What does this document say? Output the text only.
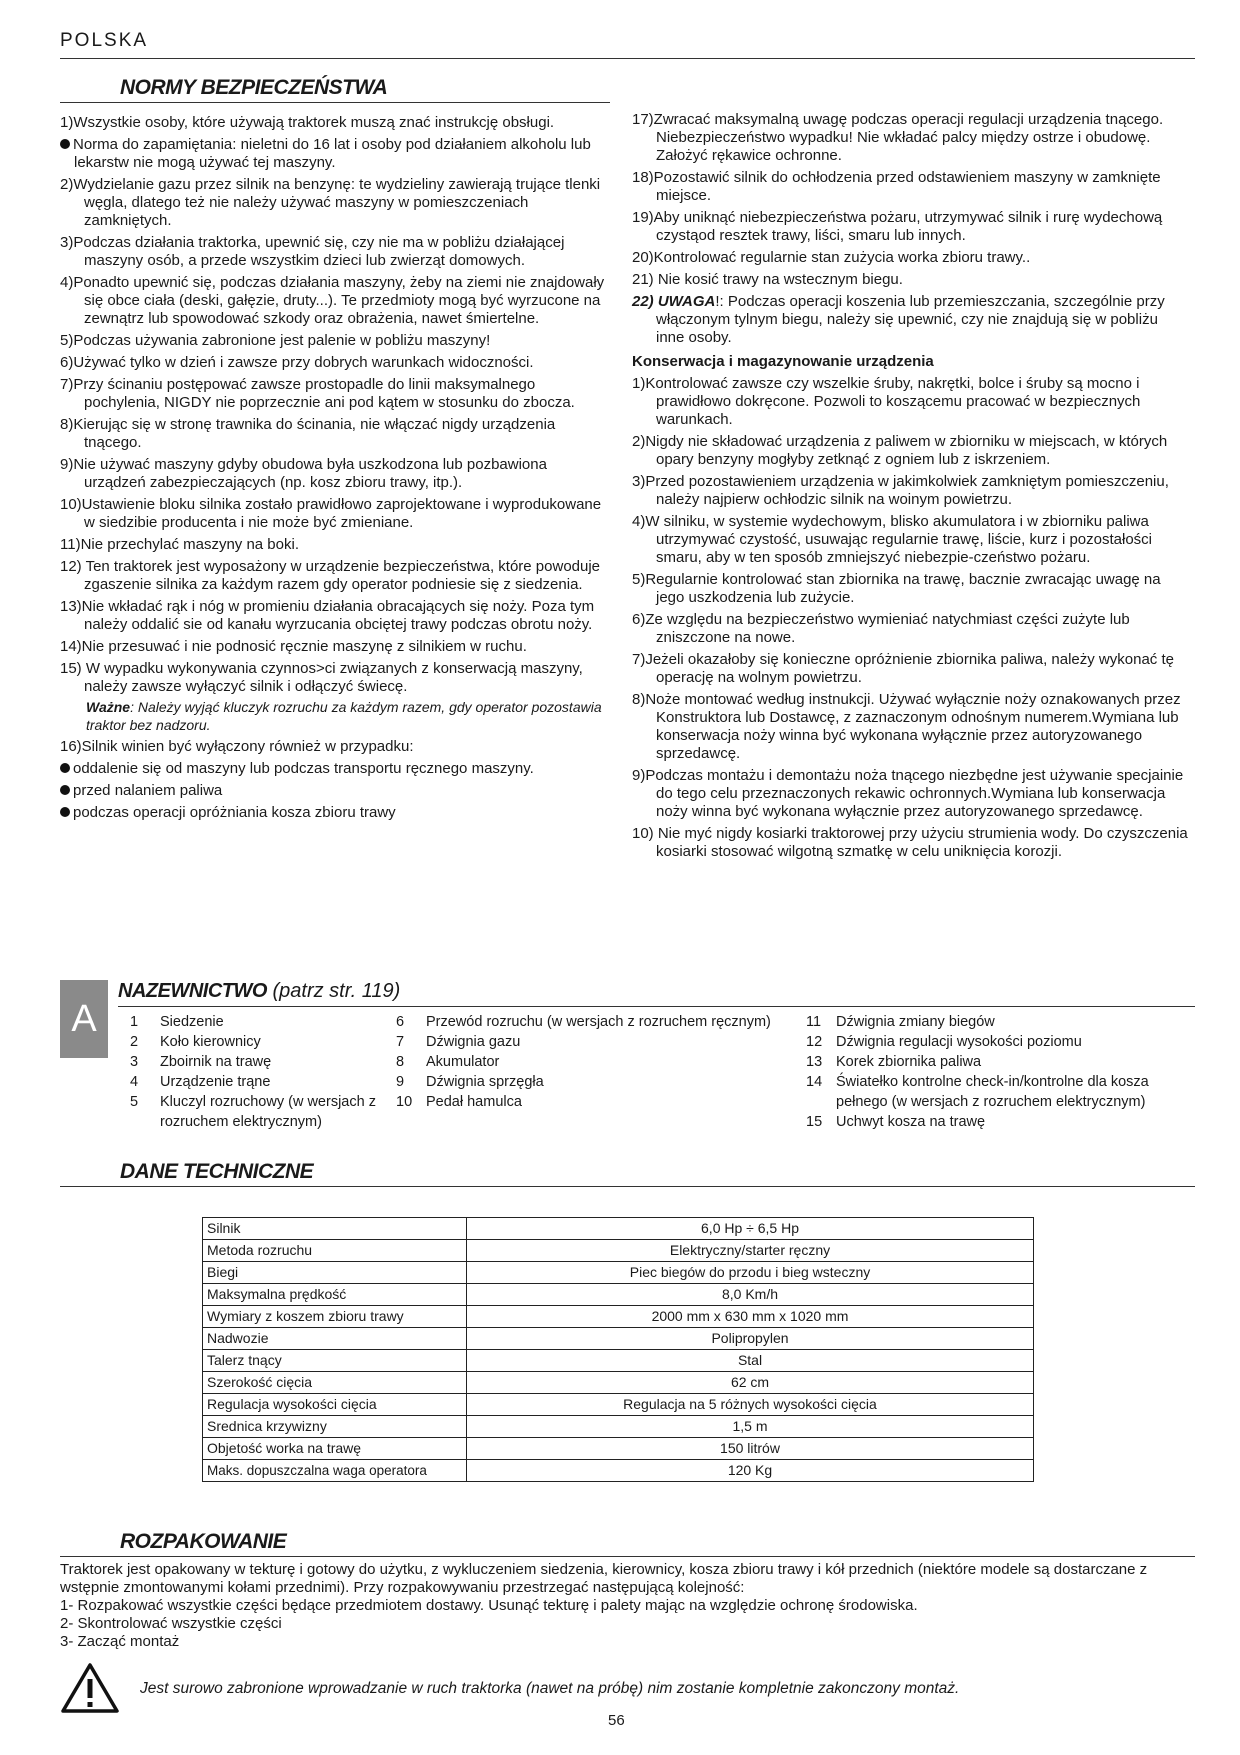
POLSKA
NORMY BEZPIECZEŃSTWA

1)Wszystkie osoby, które używają traktorek muszą znać instrukcję obsługi.

Norma do zapamiętania: nieletni do 16 lat i osoby pod działaniem alkoholu lub lekarstw nie mogą używać tej maszyny.

2)Wydzielanie gazu przez silnik na benzynę: te wydzieliny zawierają trujące tlenki węgla, dlatego też nie należy używać maszyny w pomieszczeniach zamkniętych.

3)Podczas działania traktorka, upewnić się, czy nie ma w pobliżu działającej maszyny osób, a przede wszystkim dzieci lub zwierząt domowych.

4)Ponadto upewnić się, podczas działania maszyny, żeby na ziemi nie znajdowały się obce ciała (deski, gałęzie, druty...). Te przedmioty mogą być wyrzucone na zewnątrz lub spowodować szkody oraz obrażenia, nawet śmiertelne.

5)Podczas używania zabronione jest palenie w pobliżu maszyny!

6)Używać tylko w dzień i zawsze przy dobrych warunkach widoczności.

7)Przy ścinaniu postępować zawsze prostopadle do linii maksymalnego pochylenia, NIGDY nie poprzecznie ani pod kątem w stosunku do zbocza.

8)Kierując się w stronę trawnika do ścinania, nie włączać nigdy urządzenia tnącego.

9)Nie używać maszyny gdyby obudowa była uszkodzona lub pozbawiona urządzeń zabezpieczających (np. kosz zbioru trawy, itp.).

10)Ustawienie bloku silnika zostało prawidłowo zaprojektowane i wyprodukowane w siedzibie producenta i nie może być zmieniane.

11)Nie przechylać maszyny na boki.

12) Ten traktorek jest wyposażony w urządzenie bezpieczeństwa, które powoduje zgaszenie silnika za każdym razem gdy operator podniesie się z siedzenia.

13)Nie wkładać rąk i nóg w promieniu działania obracających się noży. Poza tym należy oddalić sie od kanału wyrzucania obciętej trawy podczas obrotu noży.

14)Nie przesuwać i nie podnosić ręcznie maszynę z silnikiem w ruchu.

15) W wypadku wykonywania czynnos>ci związanych z konserwacją maszyny, należy zawsze wyłączyć silnik i odłączyć świecę.

Ważne: Należy wyjąć kluczyk rozruchu za każdym razem, gdy operator pozostawia traktor bez nadzoru.

16)Silnik winien być wyłączony również w przypadku:

oddalenie się od maszyny lub podczas transportu ręcznego maszyny.

przed nalaniem paliwa

podczas operacji opróżniania kosza zbioru trawy

17)Zwracać maksymalną uwagę podczas operacji regulacji urządzenia tnącego. Niebezpieczeństwo wypadku! Nie wkładać palcy między ostrze i obudowę. Założyć rękawice ochronne.

18)Pozostawić silnik do ochłodzenia przed odstawieniem maszyny w zamknięte miejsce.

19)Aby uniknąć niebezpieczeństwa pożaru, utrzymywać silnik i rurę wydechową czystąod resztek trawy, liści, smaru lub innych.

20)Kontrolować regularnie stan zużycia worka zbioru trawy..

21) Nie kosić trawy na wstecznym biegu.

22) UWAGA!: Podczas operacji koszenia lub przemieszczania, szczególnie przy włączonym tylnym biegu, należy się upewnić, czy nie znajdują się w pobliżu inne osoby.

Konserwacja i magazynowanie urządzenia

1)Kontrolować zawsze czy wszelkie śruby, nakrętki, bolce i śruby są mocno i prawidłowo dokręcone. Pozwoli to koszącemu pracować w bezpiecznych warunkach.

2)Nigdy nie składować urządzenia z paliwem w zbiorniku w miejscach, w których opary benzyny mogłyby zetknąć z ogniem lub z iskrzeniem.

3)Przed pozostawieniem urządzenia w jakimkolwiek zamkniętym pomieszczeniu, należy najpierw ochłodzic silnik na woinym powietrzu.

4)W silniku, w systemie wydechowym, blisko akumulatora i w zbiorniku paliwa utrzymywać czystość, usuwając regularnie trawę, liście, kurz i pozostałości smaru, aby w ten sposób zmniejszyć niebezpie-czeństwo pożaru.

5)Regularnie kontrolować stan zbiornika na trawę, bacznie zwracając uwagę na jego uszkodzenia lub zużycie.

6)Ze względu na bezpieczeństwo wymieniać natychmiast części zużyte lub zniszczone na nowe.

7)Jeżeli okazałoby się konieczne opróżnienie zbiornika paliwa, należy wykonać tę operację na wolnym powietrzu.

8)Noże montować według instnukcji. Używać wyłącznie noży oznakowanych przez Konstruktora lub Dostawcę, z zaznaczonym odnośnym numerem.Wymiana lub konserwacja noży winna być wykonana wyłącznie przez autoryzowanego sprzedawcę.

9)Podczas montażu i demontażu noża tnącego niezbędne jest używanie specjainie do tego celu przeznaczonych rekawic ochronnych.Wymiana lub konserwacja noży winna być wykonana wyłącznie przez autoryzowanego sprzedawcę.

10) Nie myć nigdy kosiarki traktorowej przy użyciu strumienia wody. Do czyszczenia kosiarki stosować wilgotną szmatkę w celu uniknięcia korozji.

A
NAZEWNICTWO (patrz str. 119)
1 Siedzenie
2 Koło kierownicy
3 Zboirnik na trawę
4 Urządzenie trąne
5 Kluczyl rozruchowy (w wersjach z rozruchem elektrycznym)
6 Przewód rozruchu (w wersjach z rozruchem ręcznym)
7 Dźwignia gazu
8 Akumulator
9 Dźwignia sprzęgła
10 Pedał hamulca
11 Dźwignia zmiany biegów
12 Dźwignia regulacji wysokości poziomu
13 Korek zbiornika paliwa
14 Światełko kontrolne check-in/kontrolne dla kosza pełnego (w wersjach z rozruchem elektrycznym)
15 Uchwyt kosza na trawę
DANE TECHNICZNE
Silnik	6,0 Hp ÷ 6,5 Hp
Metoda rozruchu	Elektryczny/starter ręczny
Biegi	Piec biegów do przodu i bieg wsteczny
Maksymalna prędkość	8,0 Km/h
Wymiary z koszem zbioru trawy	2000 mm x 630 mm x 1020 mm
Nadwozie	Polipropylen
Talerz tnący	Stal
Szerokość cięcia	62 cm
Regulacja wysokości cięcia	Regulacja na 5 różnych wysokości cięcia
Srednica krzywizny	1,5 m
Objetość worka na trawę	150 litrów
Maks. dopuszczalna waga operatora	120 Kg
ROZPAKOWANIE

Traktorek jest opakowany w tekturę i gotowy do użytku, z wykluczeniem siedzenia, kierownicy, kosza zbioru trawy i kół przednich (niektóre modele są dostarczane z wstępnie zmontowanymi kołami przednimi). Przy rozpakowywaniu przestrzegać następującą kolejność:

1- Rozpakować wszystkie części będące przedmiotem dostawy. Usunąć tekturę i palety mając na względzie ochronę środowiska.

2- Skontrolować wszystkie części

3- Zacząć montaż

Jest surowo zabronione wprowadzanie w ruch traktorka (nawet na próbę) nim zostanie kompletnie zakonczony montaż.
56
